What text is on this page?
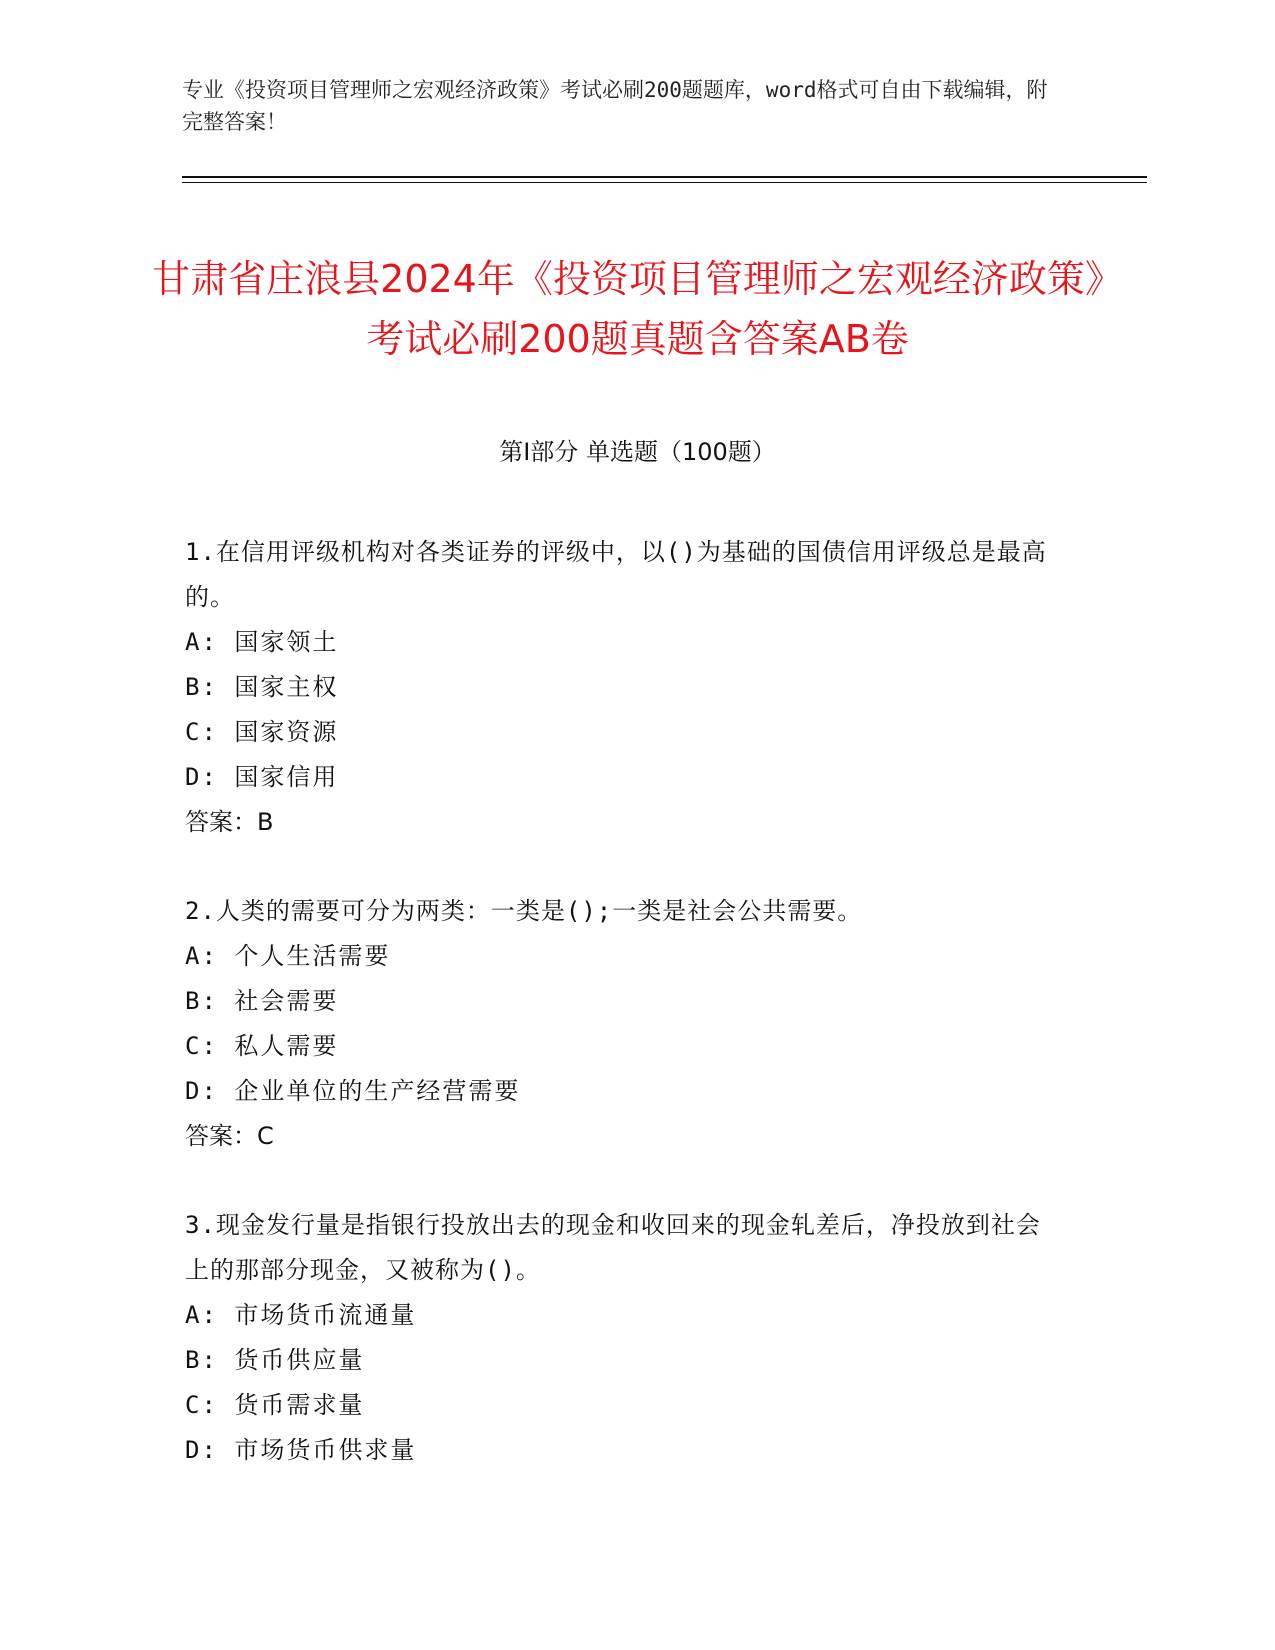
专业《投资项目管理师之宏观经济政策》考试必刷200题题库，word格式可自由下载编辑，附完整答案！
甘肃省庄浪县2024年《投资项目管理师之宏观经济政策》考试必刷200题真题含答案AB卷
第Ⅰ部分 单选题（100题）
1.在信用评级机构对各类证券的评级中，以()为基础的国债信用评级总是最高的。
A: 国家领土
B: 国家主权
C: 国家资源
D: 国家信用
答案：B
2.人类的需要可分为两类：一类是();一类是社会公共需要。
A: 个人生活需要
B: 社会需要
C: 私人需要
D: 企业单位的生产经营需要
答案：C
3.现金发行量是指银行投放出去的现金和收回来的现金轧差后，净投放到社会上的那部分现金，又被称为()。
A: 市场货币流通量
B: 货币供应量
C: 货币需求量
D: 市场货币供求量
